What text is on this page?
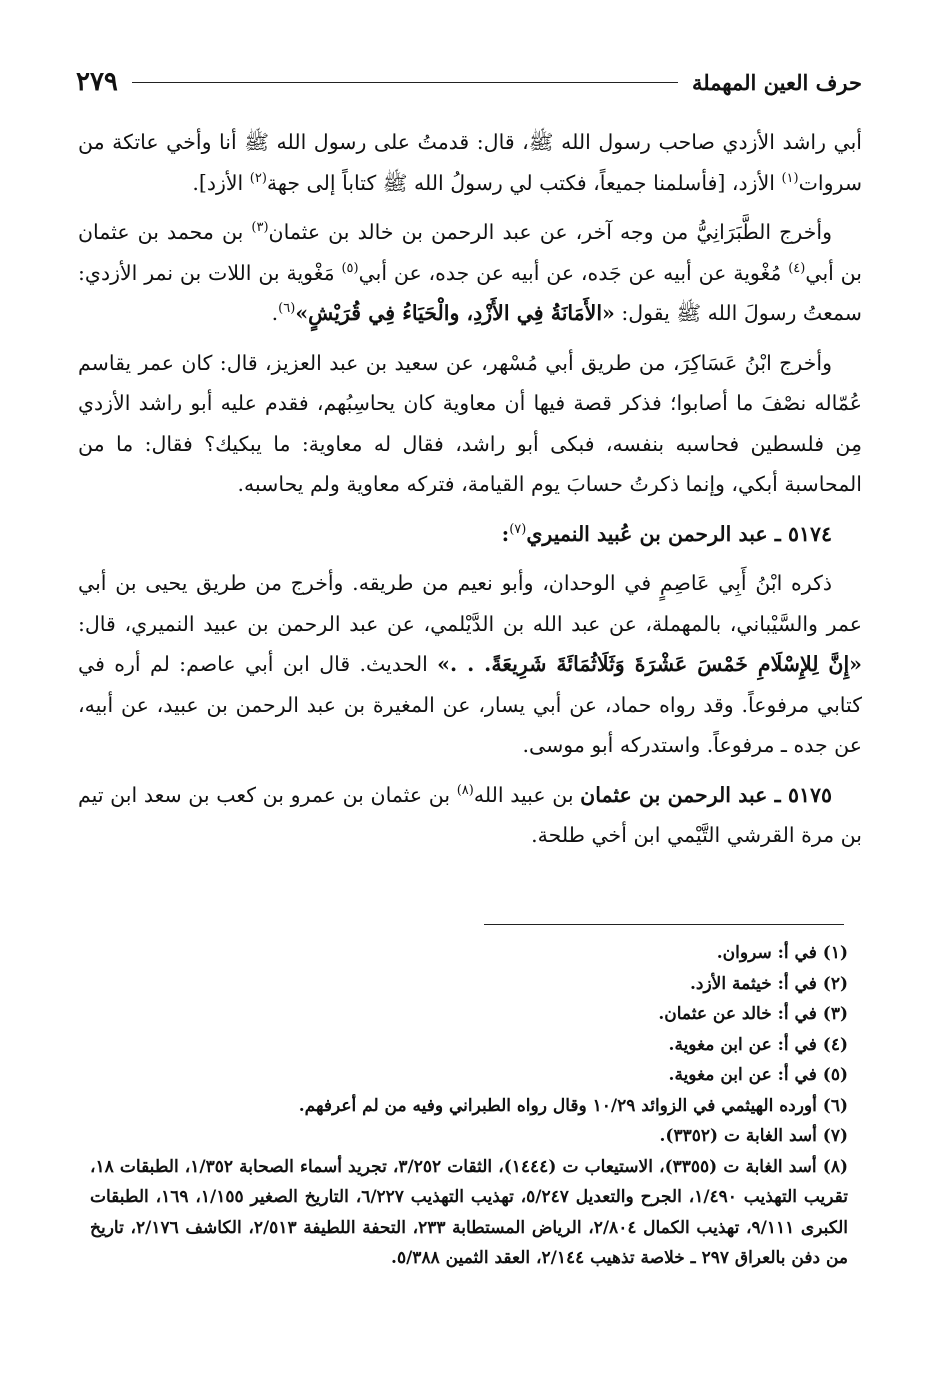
حرف العين المهملة
٢٧٩

أبي راشد الأزدي صاحب رسول الله ﷺ، قال: قدمتُ على رسول الله ﷺ أنا وأخي عاتكة من سروات$^{(١)}$ الأزد، [فأسلمنا جميعاً، فكتب لي رسولُ الله ﷺ كتاباً إلى جهة$^{(٢)}$ الأزد].

وأخرج الطَّبَرَانِيُّ من وجه آخر، عن عبد الرحمن بن خالد بن عثمان$^{(٣)}$ بن محمد بن عثمان بن أبي$^{(٤)}$ مُغْوية عن أبيه عن جَده، عن أبيه عن جده، عن أبي$^{(٥)}$ مَغْوية بن اللات بن نمر الأزدي: سمعتُ رسولَ الله ﷺ يقول: «الأَمَانَةُ فِي الأَزْدِ، والْحَيَاءُ فِي قُرَيْشٍ»$^{(٦)}$.

وأخرج ابْنُ عَسَاكِرَ، من طريق أبي مُسْهر، عن سعيد بن عبد العزيز، قال: كان عمر يقاسم عُمّاله نصْفَ ما أصابوا؛ فذكر قصة فيها أن معاوية كان يحاسِبُهم، فقدم عليه أبو راشد الأزدي مِن فلسطين فحاسبه بنفسه، فبكى أبو راشد، فقال له معاوية: ما يبكيك؟ فقال: ما من المحاسبة أبكي، وإنما ذكرتُ حسابَ يوم القيامة، فتركه معاوية ولم يحاسبه.

٥١٧٤ ـ عبد الرحمن بن عُبيد النميري$^{(٧)}$:

ذكره ابْنُ أَبِي عَاصِمٍ في الوحدان، وأبو نعيم من طريقه. وأخرج من طريق يحيى بن أبي عمر والسَّيْباني، بالمهملة، عن عبد الله بن الدَّيْلمي، عن عبد الرحمن بن عبيد النميري، قال: «إِنَّ لِلإِسْلَامِ خَمْسَ عَشْرَةَ وَثَلَاثُمَائَةَ شَرِيعَةً. . .» الحديث. قال ابن أبي عاصم: لم أره في كتابي مرفوعاً. وقد رواه حماد، عن أبي يسار، عن المغيرة بن عبد الرحمن بن عبيد، عن أبيه، عن جده ـ مرفوعاً. واستدركه أبو موسى.

٥١٧٥ ـ عبد الرحمن بن عثمان بن عبيد الله$^{(٨)}$ بن عثمان بن عمرو بن كعب بن سعد ابن تيم بن مرة القرشي التَّيْمي ابن أخي طلحة.

(١) في أ: سروان.

(٢) في أ: خيثمة الأزد.

(٣) في أ: خالد عن عثمان.

(٤) في أ: عن ابن مغوية.

(٥) في أ: عن ابن مغوية.

(٦) أورده الهيثمي في الزوائد ١٠/٢٩ وقال رواه الطبراني وفيه من لم أعرفهم.

(٧) أسد الغابة ت (٣٣٥٢).

(٨) أسد الغابة ت (٣٣٥٥)، الاستيعاب ت (١٤٤٤)، الثقات ٣/٢٥٢، تجريد أسماء الصحابة ١/٣٥٢، الطبقات ١٨، تقريب التهذيب ١/٤٩٠، الجرح والتعديل ٥/٢٤٧، تهذيب التهذيب ٦/٢٢٧، التاريخ الصغير ١/١٥٥، ١٦٩، الطبقات الكبرى ٩/١١١، تهذيب الكمال ٢/٨٠٤، الرياض المستطابة ٢٣٣، التحفة اللطيفة ٢/٥١٣، الكاشف ٢/١٧٦، تاريخ من دفن بالعراق ٢٩٧ ـ خلاصة تذهيب ٢/١٤٤، العقد الثمين ٥/٣٨٨.
